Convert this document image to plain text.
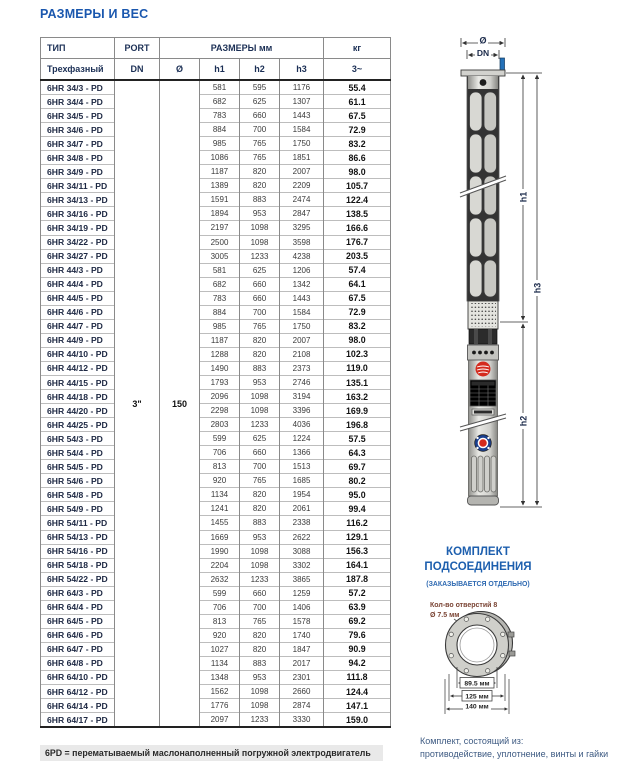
РАЗМЕРЫ И ВЕС
ТИП	PORT	РАЗМЕРЫ мм				кг
Трехфазный	DN	Ø	h1	h2	h3	3~
6HR 34/3 - PD	3"	150	581	595	1176	55.4
6HR 34/4 - PD			682	625	1307	61.1
6HR 34/5 - PD			783	660	1443	67.5
6HR 34/6 - PD			884	700	1584	72.9
6HR 34/7 - PD			985	765	1750	83.2
6HR 34/8 - PD			1086	765	1851	86.6
6HR 34/9 - PD			1187	820	2007	98.0
6HR 34/11 - PD			1389	820	2209	105.7
6HR 34/13 - PD			1591	883	2474	122.4
6HR 34/16 - PD			1894	953	2847	138.5
6HR 34/19 - PD			2197	1098	3295	166.6
6HR 34/22 - PD			2500	1098	3598	176.7
6HR 34/27 - PD			3005	1233	4238	203.5
6HR 44/3 - PD			581	625	1206	57.4
6HR 44/4 - PD			682	660	1342	64.1
6HR 44/5 - PD			783	660	1443	67.5
6HR 44/6 - PD			884	700	1584	72.9
6HR 44/7 - PD			985	765	1750	83.2
6HR 44/9 - PD			1187	820	2007	98.0
6HR 44/10 - PD			1288	820	2108	102.3
6HR 44/12 - PD			1490	883	2373	119.0
6HR 44/15 - PD			1793	953	2746	135.1
6HR 44/18 - PD			2096	1098	3194	163.2
6HR 44/20 - PD			2298	1098	3396	169.9
6HR 44/25 - PD			2803	1233	4036	196.8
6HR 54/3 - PD			599	625	1224	57.5
6HR 54/4 - PD			706	660	1366	64.3
6HR 54/5 - PD			813	700	1513	69.7
6HR 54/6 - PD			920	765	1685	80.2
6HR 54/8 - PD			1134	820	1954	95.0
6HR 54/9 - PD			1241	820	2061	99.4
6HR 54/11 - PD			1455	883	2338	116.2
6HR 54/13 - PD			1669	953	2622	129.1
6HR 54/16 - PD			1990	1098	3088	156.3
6HR 54/18 - PD			2204	1098	3302	164.1
6HR 54/22 - PD			2632	1233	3865	187.8
6HR 64/3 - PD			599	660	1259	57.2
6HR 64/4 - PD			706	700	1406	63.9
6HR 64/5 - PD			813	765	1578	69.2
6HR 64/6 - PD			920	820	1740	79.6
6HR 64/7 - PD			1027	820	1847	90.9
6HR 64/8 - PD			1134	883	2017	94.2
6HR 64/10 - PD			1348	953	2301	111.8
6HR 64/12 - PD			1562	1098	2660	124.4
6HR 64/14 - PD			1776	1098	2874	147.1
6HR 64/17 - PD			2097	1233	3330	159.0
6PD = перематываемый маслонаполненный погружной электродвигатель
Ø
DN
h1
h2
h3
КОМПЛЕКТ
ПОДСОЕДИНЕНИЯ
(ЗАКАЗЫВАЕТСЯ ОТДЕЛЬНО)
Кол-во отверстий 8
Ø 7.5 мм
89.5 мм
125 мм
140 мм
Комплект, состоящий из:
противодействие, уплотнение, винты и гайки
